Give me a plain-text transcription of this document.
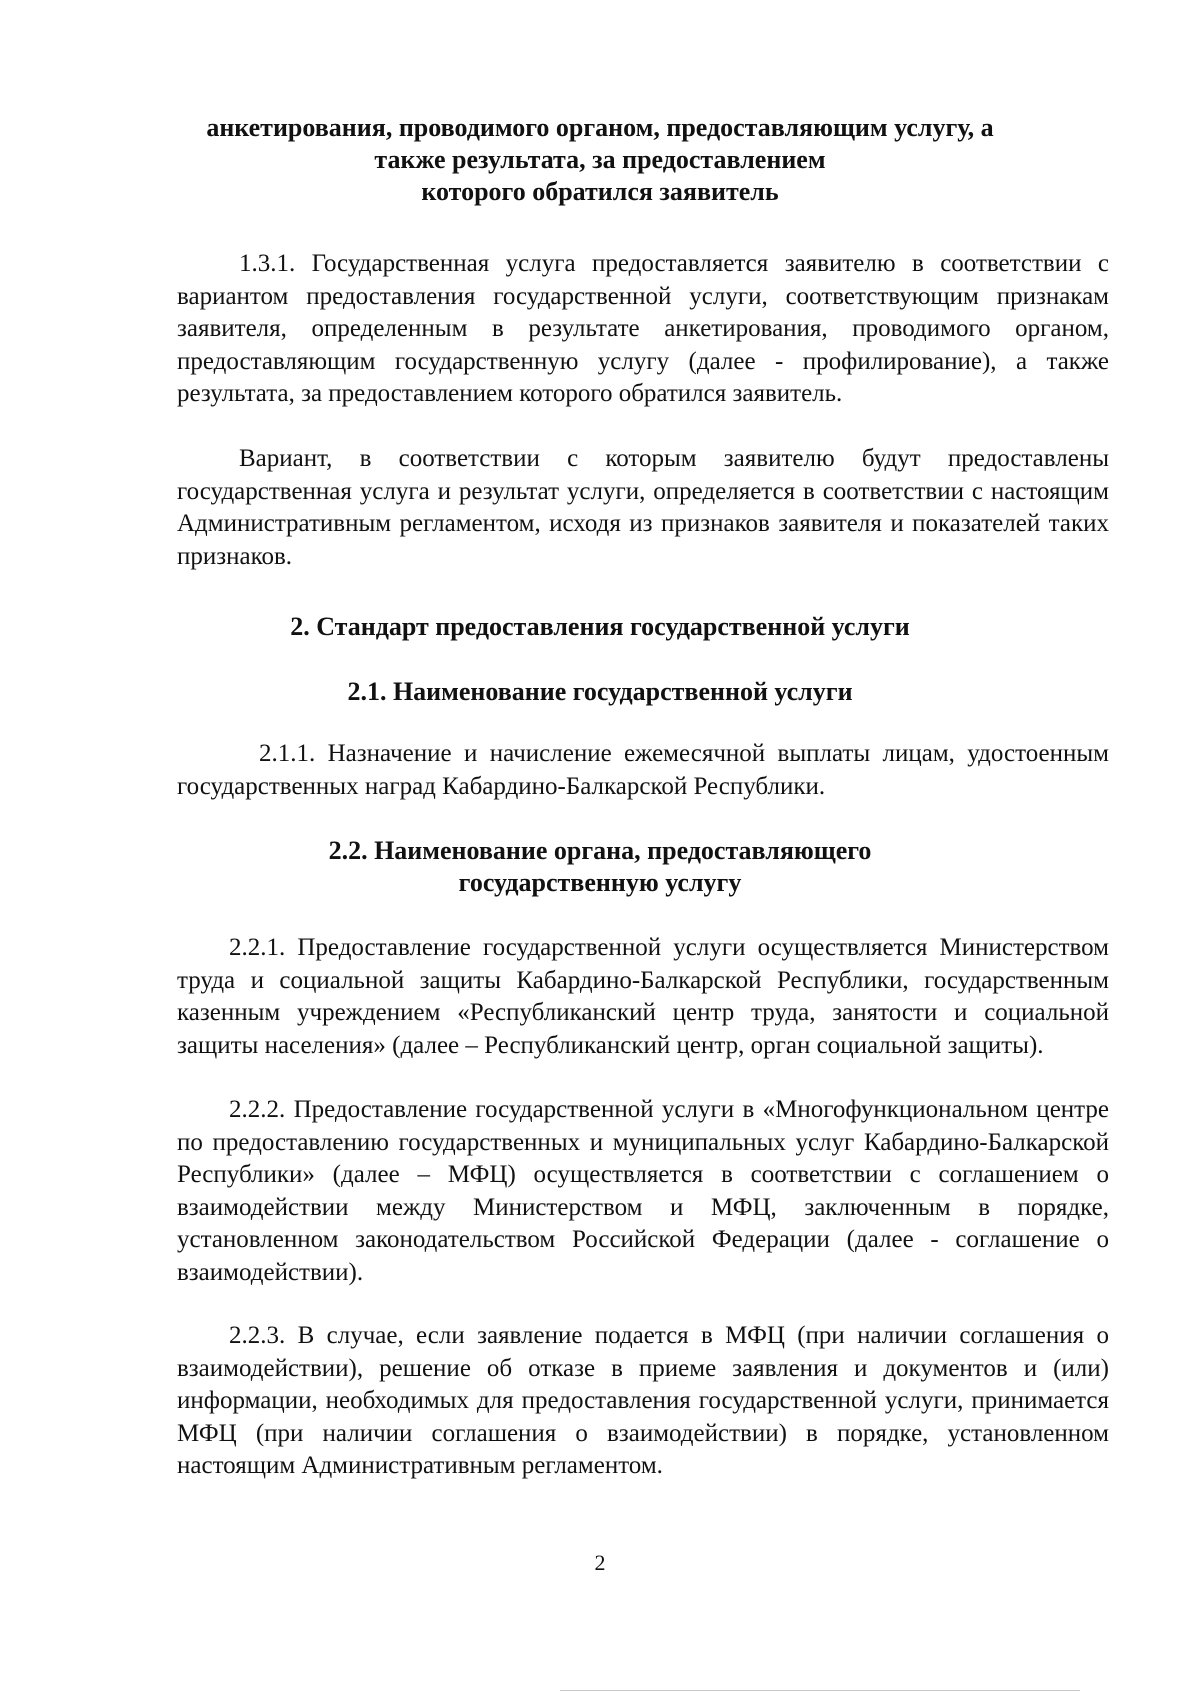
анкетирования, проводимого органом, предоставляющим услугу, а
также результата, за предоставлением
которого обратился заявитель

1.3.1. Государственная услуга предоставляется заявителю в соответствии с вариантом предоставления государственной услуги, соответствующим признакам заявителя, определенным в результате анкетирования, проводимого органом, предоставляющим государственную услугу (далее - профилирование), а также результата, за предоставлением которого обратился заявитель.

Вариант, в соответствии с которым заявителю будут предоставлены государственная услуга и результат услуги, определяется в соответствии с настоящим Административным регламентом, исходя из признаков заявителя и показателей таких признаков.

2. Стандарт предоставления государственной услуги
2.1. Наименование государственной услуги

2.1.1. Назначение и начисление ежемесячной выплаты лицам, удостоенным государственных наград Кабардино-Балкарской Республики.

2.2. Наименование органа, предоставляющего
государственную услугу

2.2.1. Предоставление государственной услуги осуществляется Министерством труда и социальной защиты Кабардино-Балкарской Республики, государственным казенным учреждением «Республиканский центр труда, занятости и социальной защиты населения» (далее – Республиканский центр, орган социальной защиты).

2.2.2. Предоставление государственной услуги в «Многофункциональном центре по предоставлению государственных и муниципальных услуг Кабардино-Балкарской Республики» (далее – МФЦ) осуществляется в соответствии с соглашением о взаимодействии между Министерством и МФЦ, заключенным в порядке, установленном законодательством Российской Федерации (далее - соглашение о взаимодействии).

2.2.3. В случае, если заявление подается в МФЦ (при наличии соглашения о взаимодействии), решение об отказе в приеме заявления и документов и (или) информации, необходимых для предоставления государственной услуги, принимается МФЦ (при наличии соглашения о взаимодействии) в порядке, установленном настоящим Административным регламентом.

2
